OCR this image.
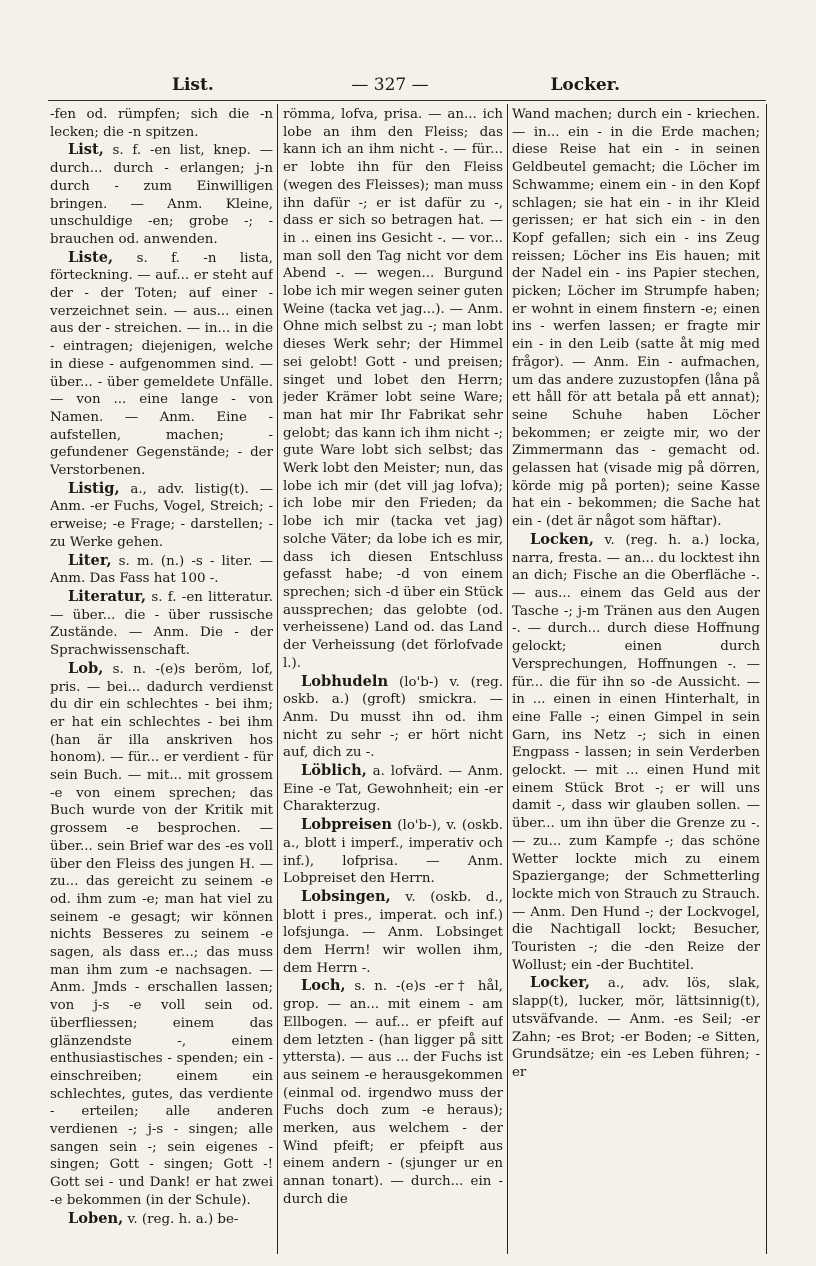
List.	— 327 —	Locker.

-fen od. rümpfen; sich die -n lecken; die -n spitzen.

List, s. f. -en list, knep. — durch... durch - erlangen; j-n durch - zum Einwilligen bringen. — Anm. Kleine, unschuldige -en; grobe -; - brauchen od. anwenden.

Liste, s. f. -n lista, förteckning. — auf... er steht auf der - der Toten; auf einer - verzeichnet sein. — aus... einen aus der - streichen. — in... in die - eintragen; diejenigen, welche in diese - aufgenommen sind. — über... - über gemeldete Unfälle. — von ... eine lange - von Namen. — Anm. Eine - aufstellen, machen; - gefundener Gegenstände; - der Verstorbenen.

Listig, a., adv. listig(t). — Anm. -er Fuchs, Vogel, Streich; -erweise; -e Frage; - darstellen; - zu Werke gehen.

Liter, s. m. (n.) -s - liter. — Anm. Das Fass hat 100 -.

Literatur, s. f. -en litteratur. — über... die - über russische Zustände. — Anm. Die - der Sprachwissenschaft.

Lob, s. n. -(e)s beröm, lof, pris. — bei... dadurch verdienst du dir ein schlechtes - bei ihm; er hat ein schlechtes - bei ihm (han är illa anskriven hos honom). — für... er verdient - für sein Buch. — mit... mit grossem -e von einem sprechen; das Buch wurde von der Kritik mit grossem -e besprochen. — über... sein Brief war des -es voll über den Fleiss des jungen H. — zu... das gereicht zu seinem -e od. ihm zum -e; man hat viel zu seinem -e gesagt; wir können nichts Besseres zu seinem -e sagen, als dass er...; das muss man ihm zum -e nachsagen. — Anm. Jmds - erschallen lassen; von j-s -e voll sein od. überfliessen; einem das glänzendste -, einem enthusiastisches - spenden; ein - einschreiben; einem ein schlechtes, gutes, das verdiente - erteilen; alle anderen verdienen -; j-s - singen; alle sangen sein -; sein eigenes - singen; Gott - singen; Gott -! Gott sei - und Dank! er hat zwei -e bekommen (in der Schule).

Loben, v. (reg. h. a.) be-

römma, lofva, prisa. — an... ich lobe an ihm den Fleiss; das kann ich an ihm nicht -. — für... er lobte ihn für den Fleiss (wegen des Fleisses); man muss ihn dafür -; er ist dafür zu -, dass er sich so betragen hat. — in .. einen ins Gesicht -. — vor... man soll den Tag nicht vor dem Abend -. — wegen... Burgund lobe ich mir wegen seiner guten Weine (tacka vet jag...). — Anm. Ohne mich selbst zu -; man lobt dieses Werk sehr; der Himmel sei gelobt! Gott - und preisen; singet und lobet den Herrn; jeder Krämer lobt seine Ware; man hat mir Ihr Fabrikat sehr gelobt; das kann ich ihm nicht -; gute Ware lobt sich selbst; das Werk lobt den Meister; nun, das lobe ich mir (det vill jag lofva); ich lobe mir den Frieden; da lobe ich mir (tacka vet jag) solche Väter; da lobe ich es mir, dass ich diesen Entschluss gefasst habe; -d von einem sprechen; sich -d über ein Stück aussprechen; das gelobte (od. verheissene) Land od. das Land der Verheissung (det förlofvade l.).

Lobhudeln (lo'b-) v. (reg. oskb. a.) (groft) smickra. — Anm. Du musst ihn od. ihm nicht zu sehr -; er hört nicht auf, dich zu -.

Löblich, a. lofvärd. — Anm. Eine -e Tat, Gewohnheit; ein -er Charakterzug.

Lobpreisen (lo'b-), v. (oskb. a., blott i imperf., imperativ och inf.), lofprisa. — Anm. Lobpreiset den Herrn.

Lobsingen, v. (oskb. d., blott i pres., imperat. och inf.) lofsjunga. — Anm. Lobsinget dem Herrn! wir wollen ihm, dem Herrn -.

Loch, s. n. -(e)s -er† hål, grop. — an... mit einem - am Ellbogen. — auf... er pfeift auf dem letzten - (han ligger på sitt yttersta). — aus ... der Fuchs ist aus seinem -e herausgekommen (einmal od. irgendwo muss der Fuchs doch zum -e heraus); merken, aus welchem - der Wind pfeift; er pfeipft aus einem andern - (sjunger ur en annan tonart). — durch... ein - durch die

Wand machen; durch ein - kriechen. — in... ein - in die Erde machen; diese Reise hat ein - in seinen Geldbeutel gemacht; die Löcher im Schwamme; einem ein - in den Kopf schlagen; sie hat ein - in ihr Kleid gerissen; er hat sich ein - in den Kopf gefallen; sich ein - ins Zeug reissen; Löcher ins Eis hauen; mit der Nadel ein - ins Papier stechen, picken; Löcher im Strumpfe haben; er wohnt in einem finstern -e; einen ins - werfen lassen; er fragte mir ein - in den Leib (satte åt mig med frågor). — Anm. Ein - aufmachen, um das andere zuzustopfen (låna på ett håll för att betala på ett annat); seine Schuhe haben Löcher bekommen; er zeigte mir, wo der Zimmermann das - gemacht od. gelassen hat (visade mig på dörren, körde mig på porten); seine Kasse hat ein - bekommen; die Sache hat ein - (det är något som häftar).

Locken, v. (reg. h. a.) locka, narra, fresta. — an... du locktest ihn an dich; Fische an die Oberfläche -. — aus... einem das Geld aus der Tasche -; j-m Tränen aus den Augen -. — durch... durch diese Hoffnung gelockt; einen durch Versprechungen, Hoffnungen -. — für... die für ihn so -de Aussicht. — in ... einen in einen Hinterhalt, in eine Falle -; einen Gimpel in sein Garn, ins Netz -; sich in einen Engpass - lassen; in sein Verderben gelockt. — mit ... einen Hund mit einem Stück Brot -; er will uns damit -, dass wir glauben sollen. — über... um ihn über die Grenze zu -. — zu... zum Kampfe -; das schöne Wetter lockte mich zu einem Spaziergange; der Schmetterling lockte mich von Strauch zu Strauch. — Anm. Den Hund -; der Lockvogel, die Nachtigall lockt; Besucher, Touristen -; die -den Reize der Wollust; ein -der Buchtitel.

Locker, a., adv. lös, slak, slapp(t), lucker, mör, lättsinnig(t), utsväfvande. — Anm. -es Seil; -er Zahn; -es Brot; -er Boden; -e Sitten, Grundsätze; ein -es Leben führen; -er
